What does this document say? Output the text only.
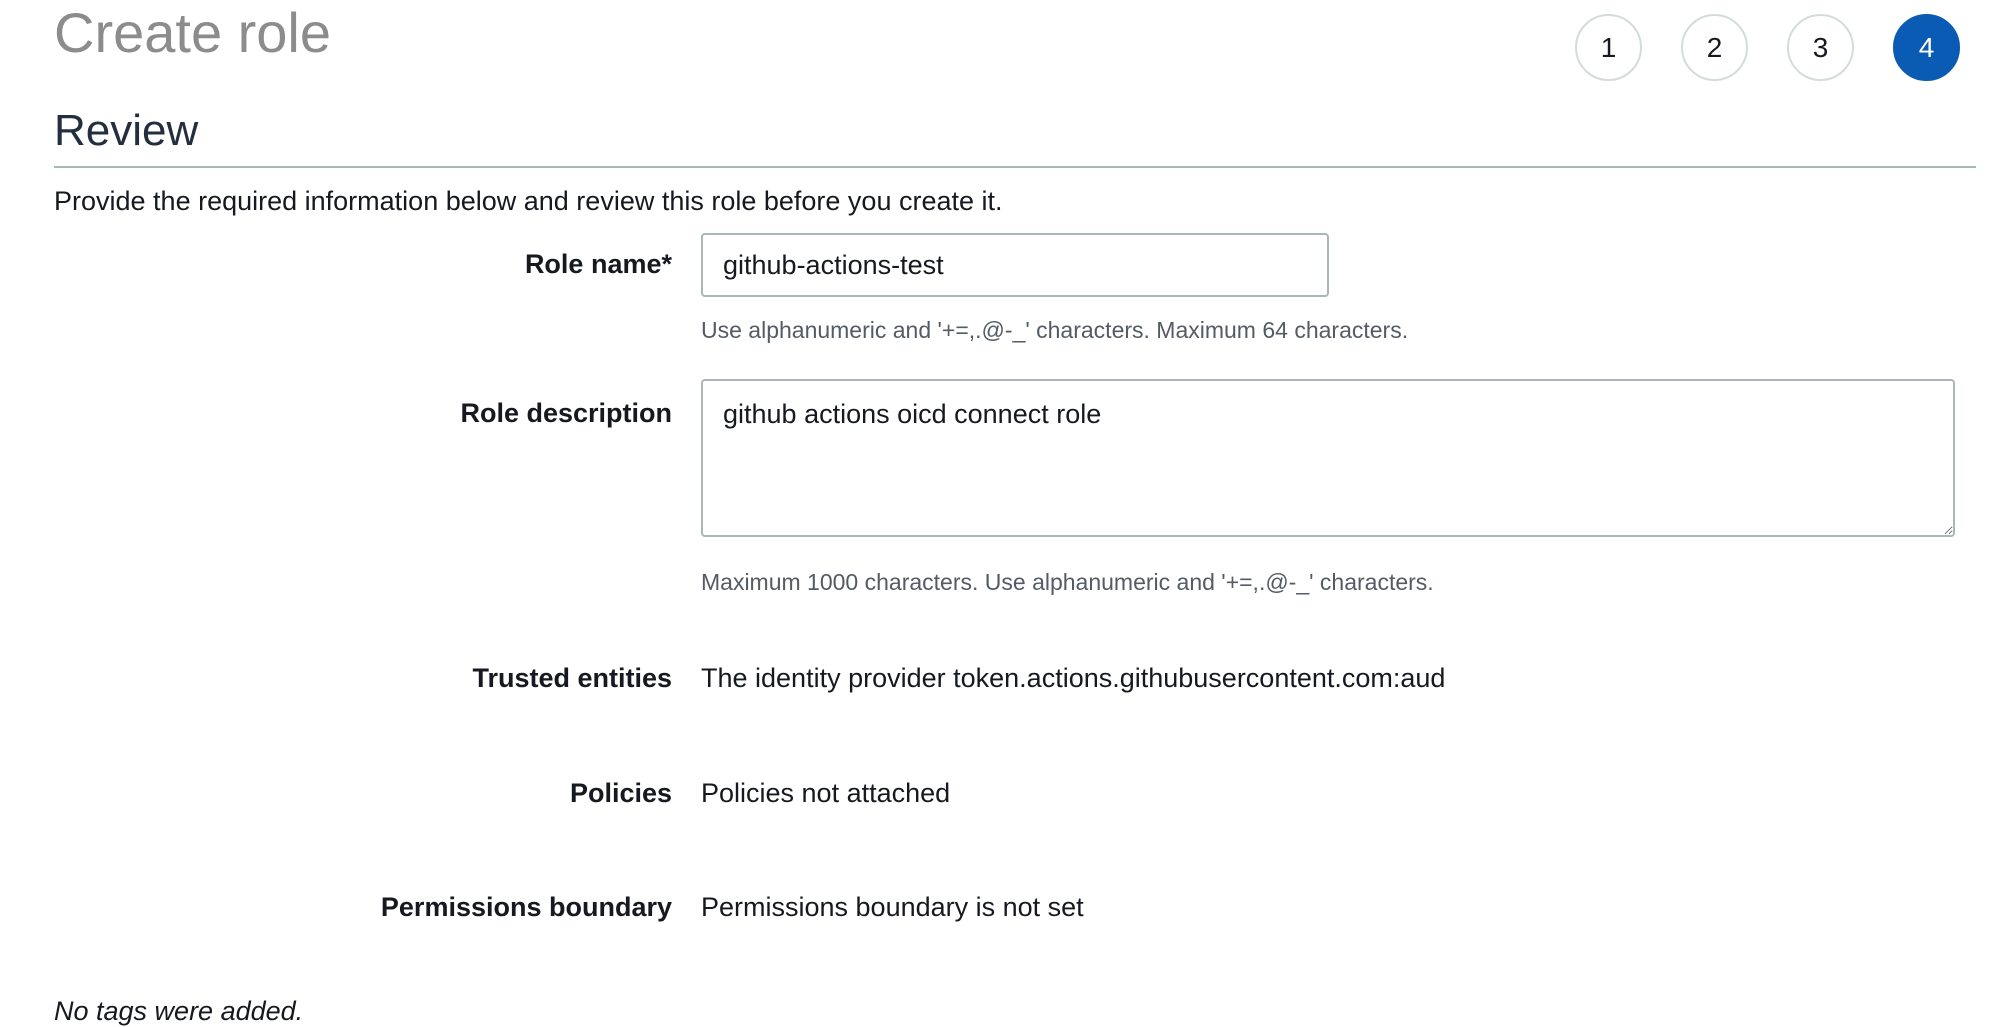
Create role	1	2	3	4
Review
Provide the required information below and review this role before you create it.
Role name*
github-actions-test
Use alphanumeric and '+=,.@-_' characters. Maximum 64 characters.
Role description
github actions oicd connect role
Maximum 1000 characters. Use alphanumeric and '+=,.@-_' characters.
Trusted entities The identity provider token.actions.githubusercontent.com:aud
Policies Policies not attached
Permissions boundary Permissions boundary is not set
No tags were added.
